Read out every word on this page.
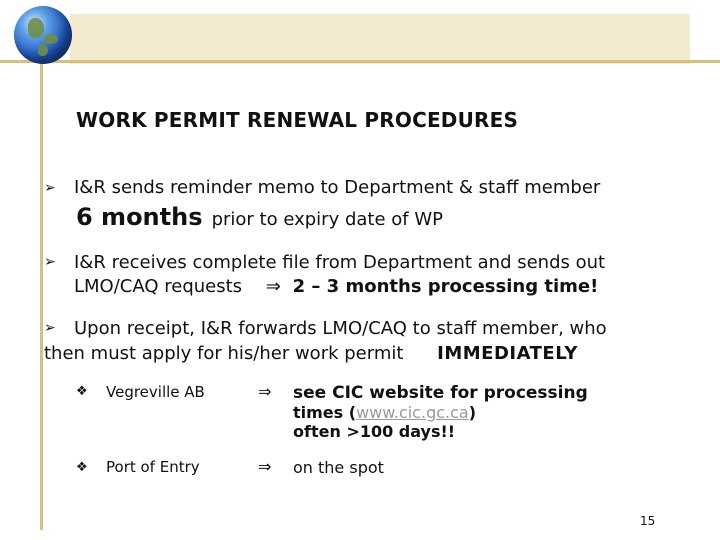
WORK PERMIT RENEWAL PROCEDURES
➢ I&R sends reminder memo to Department & staff member
6 months prior to expiry date of WP
➢ I&R receives complete file from Department and sends out
LMO/CAQ requests ⇒ 2 – 3 months processing time!
➢ Upon receipt, I&R forwards LMO/CAQ to staff member, who
then must apply for his/her work permit IMMEDIATELY
❖ Vegreville AB	⇒ see CIC website for processing
times (www.cic.gc.ca)
often >100 days!!
❖ Port of Entry	⇒ on the spot
15
